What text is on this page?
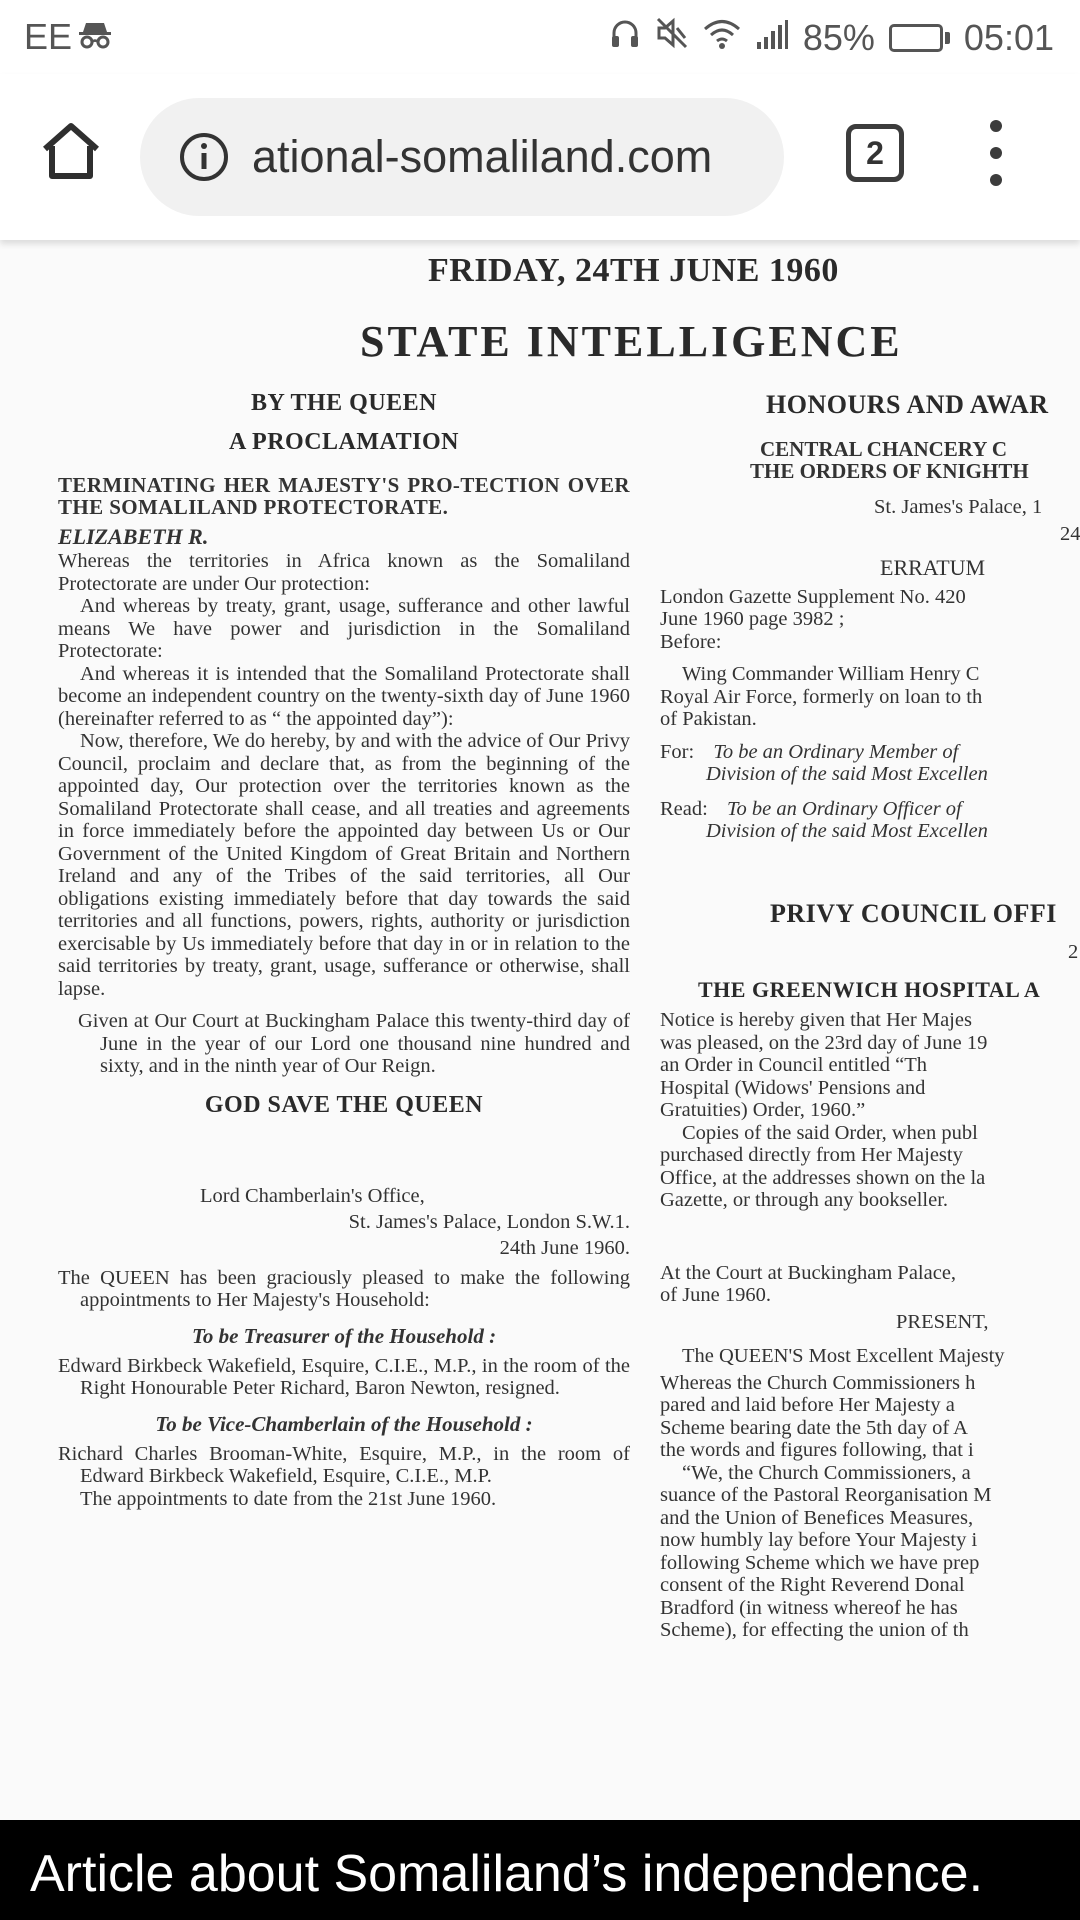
EE	85% 05:01
ational-somaliland.com	2
FRIDAY, 24TH JUNE 1960
STATE INTELLIGENCE
BY THE QUEEN
A PROCLAMATION
TERMINATING HER MAJESTY'S PRO-TECTION OVER THE SOMALILAND PROTECTORATE.
ELIZABETH R.
Whereas the territories in Africa known as the Somaliland Protectorate are under Our protection:
And whereas by treaty, grant, usage, sufferance and other lawful means We have power and jurisdiction in the Somaliland Protectorate:
And whereas it is intended that the Somaliland Protectorate shall become an independent country on the twenty-sixth day of June 1960 (hereinafter referred to as “ the appointed day”):
Now, therefore, We do hereby, by and with the advice of Our Privy Council, proclaim and declare that, as from the beginning of the appointed day, Our protection over the territories known as the Somaliland Protectorate shall cease, and all treaties and agreements in force immediately before the appointed day between Us or Our Government of the United Kingdom of Great Britain and Northern Ireland and any of the Tribes of the said territories, all Our obligations existing immediately before that day towards the said territories and all functions, powers, rights, authority or jurisdiction exercisable by Us immediately before that day in or in relation to the said territories by treaty, grant, usage, sufferance or otherwise, shall lapse.
Given at Our Court at Buckingham Palace this twenty-third day of June in the year of our Lord one thousand nine hundred and sixty, and in the ninth year of Our Reign.
GOD SAVE THE QUEEN
Lord Chamberlain's Office,
St. James's Palace, London S.W.1.
24th June 1960.
The QUEEN has been graciously pleased to make the following appointments to Her Majesty's Household:
To be Treasurer of the Household :
Edward Birkbeck Wakefield, Esquire, C.I.E., M.P., in the room of the Right Honourable Peter Richard, Baron Newton, resigned.
To be Vice-Chamberlain of the Household :
Richard Charles Brooman-White, Esquire, M.P., in the room of Edward Birkbeck Wakefield, Esquire, C.I.E., M.P.
The appointments to date from the 21st June 1960.
HONOURS AND AWAR
CENTRAL CHANCERY C
THE ORDERS OF KNIGHTH
St. James's Palace, 1
24
ERRATUM
London Gazette Supplement No. 420
June 1960 page 3982 ;
Before:
Wing Commander William Henry C
Royal Air Force, formerly on loan to th
of Pakistan.
For: To be an Ordinary Member of
Division of the said Most Excellen
Read: To be an Ordinary Officer of
Division of the said Most Excellen
PRIVY COUNCIL OFFI
2
THE GREENWICH HOSPITAL A
Notice is hereby given that Her Majes
was pleased, on the 23rd day of June 19
an Order in Council entitled “Th
Hospital (Widows' Pensions and
Gratuities) Order, 1960.”
Copies of the said Order, when publ
purchased directly from Her Majesty
Office, at the addresses shown on the la
Gazette, or through any bookseller.
At the Court at Buckingham Palace,
of June 1960.
PRESENT,
The QUEEN'S Most Excellent Majesty
Whereas the Church Commissioners h
pared and laid before Her Majesty a
Scheme bearing date the 5th day of A
the words and figures following, that i
“We, the Church Commissioners, a
suance of the Pastoral Reorganisation M
and the Union of Benefices Measures,
now humbly lay before Your Majesty i
following Scheme which we have prep
consent of the Right Reverend Donal
Bradford (in witness whereof he has
Scheme), for effecting the union of th
Article about Somaliland’s independence.
